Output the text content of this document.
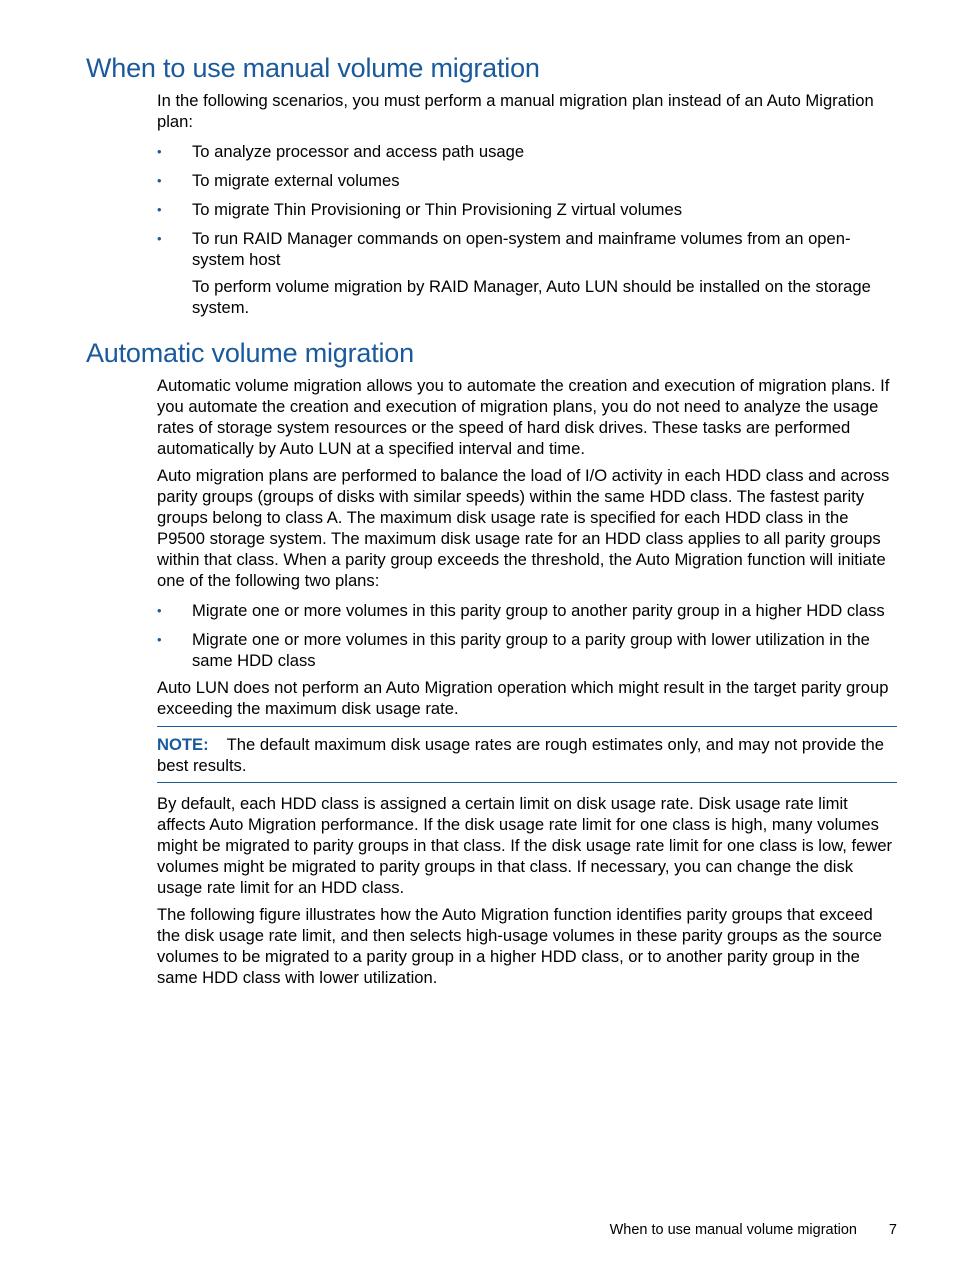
When to use manual volume migration

In the following scenarios, you must perform a manual migration plan instead of an Auto Migration plan:

• To analyze processor and access path usage
• To migrate external volumes
• To migrate Thin Provisioning or Thin Provisioning Z virtual volumes
• To run RAID Manager commands on open-system and mainframe volumes from an open-system host

To perform volume migration by RAID Manager, Auto LUN should be installed on the storage system.

Automatic volume migration

Automatic volume migration allows you to automate the creation and execution of migration plans. If you automate the creation and execution of migration plans, you do not need to analyze the usage rates of storage system resources or the speed of hard disk drives. These tasks are performed automatically by Auto LUN at a specified interval and time.

Auto migration plans are performed to balance the load of I/O activity in each HDD class and across parity groups (groups of disks with similar speeds) within the same HDD class. The fastest parity groups belong to class A. The maximum disk usage rate is specified for each HDD class in the P9500 storage system. The maximum disk usage rate for an HDD class applies to all parity groups within that class. When a parity group exceeds the threshold, the Auto Migration function will initiate one of the following two plans:

• Migrate one or more volumes in this parity group to another parity group in a higher HDD class
• Migrate one or more volumes in this parity group to a parity group with lower utilization in the same HDD class

Auto LUN does not perform an Auto Migration operation which might result in the target parity group exceeding the maximum disk usage rate.

NOTE: The default maximum disk usage rates are rough estimates only, and may not provide the best results.

By default, each HDD class is assigned a certain limit on disk usage rate. Disk usage rate limit affects Auto Migration performance. If the disk usage rate limit for one class is high, many volumes might be migrated to parity groups in that class. If the disk usage rate limit for one class is low, fewer volumes might be migrated to parity groups in that class. If necessary, you can change the disk usage rate limit for an HDD class.

The following figure illustrates how the Auto Migration function identifies parity groups that exceed the disk usage rate limit, and then selects high-usage volumes in these parity groups as the source volumes to be migrated to a parity group in a higher HDD class, or to another parity group in the same HDD class with lower utilization.

When to use manual volume migration 7
